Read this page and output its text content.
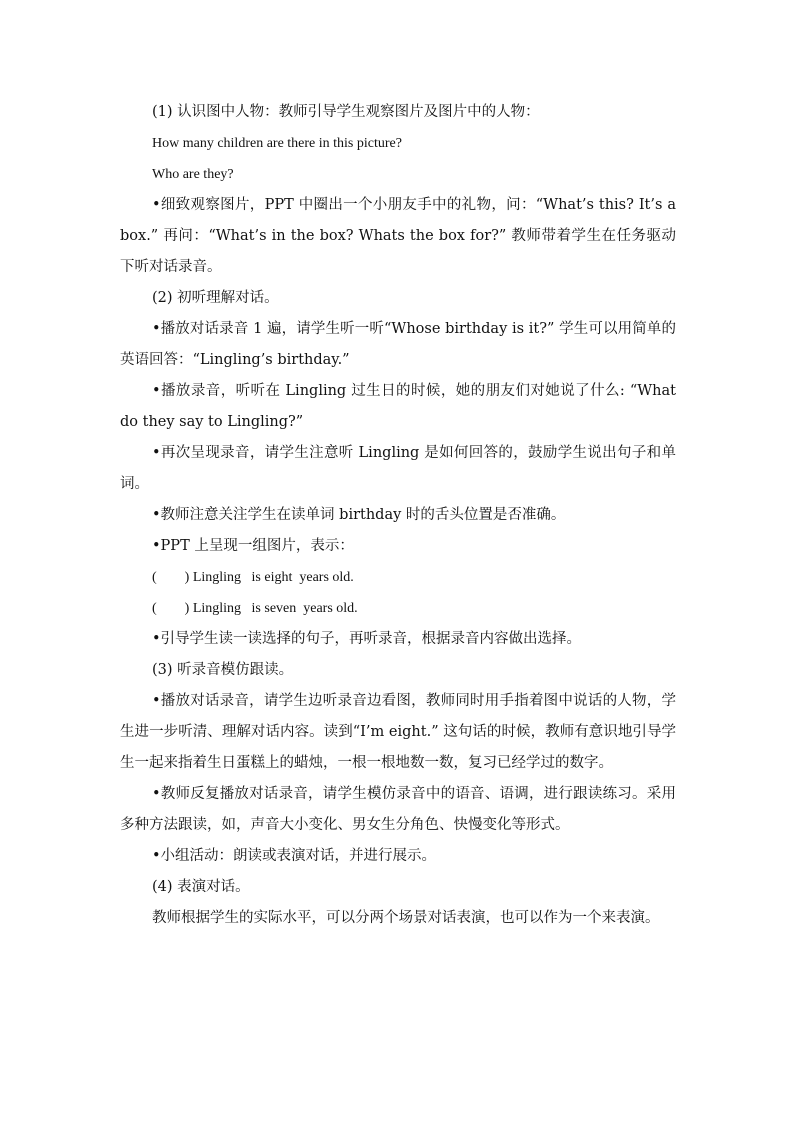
(1) 认识图中人物：教师引导学生观察图片及图片中的人物：

How many children are there in this picture?

Who are they?

•细致观察图片，PPT 中圈出一个小朋友手中的礼物，问：“What’s this? It’s a box.” 再问：“What’s in the box? Whats the box for?” 教师带着学生在任务驱动下听对话录音。

(2) 初听理解对话。

•播放对话录音 1 遍，请学生听一听“Whose birthday is it?” 学生可以用简单的英语回答：“Lingling’s birthday.”

•播放录音，听听在 Lingling 过生日的时候，她的朋友们对她说了什么: “What do they say to Lingling?”

•再次呈现录音，请学生注意听 Lingling 是如何回答的，鼓励学生说出句子和单词。

•教师注意关注学生在读单词 birthday 时的舌头位置是否准确。

•PPT 上呈现一组图片，表示：

(        ) Lingling   is eight  years old.

(        ) Lingling   is seven  years old.

•引导学生读一读选择的句子，再听录音，根据录音内容做出选择。

(3) 听录音模仿跟读。

•播放对话录音，请学生边听录音边看图，教师同时用手指着图中说话的人物，学生进一步听清、理解对话内容。读到“I’m eight.” 这句话的时候，教师有意识地引导学生一起来指着生日蛋糕上的蜡烛，一根一根地数一数，复习已经学过的数字。

•教师反复播放对话录音，请学生模仿录音中的语音、语调，进行跟读练习。采用多种方法跟读，如，声音大小变化、男女生分角色、快慢变化等形式。

•小组活动：朗读或表演对话，并进行展示。

(4) 表演对话。

教师根据学生的实际水平，可以分两个场景对话表演，也可以作为一个来表演。
